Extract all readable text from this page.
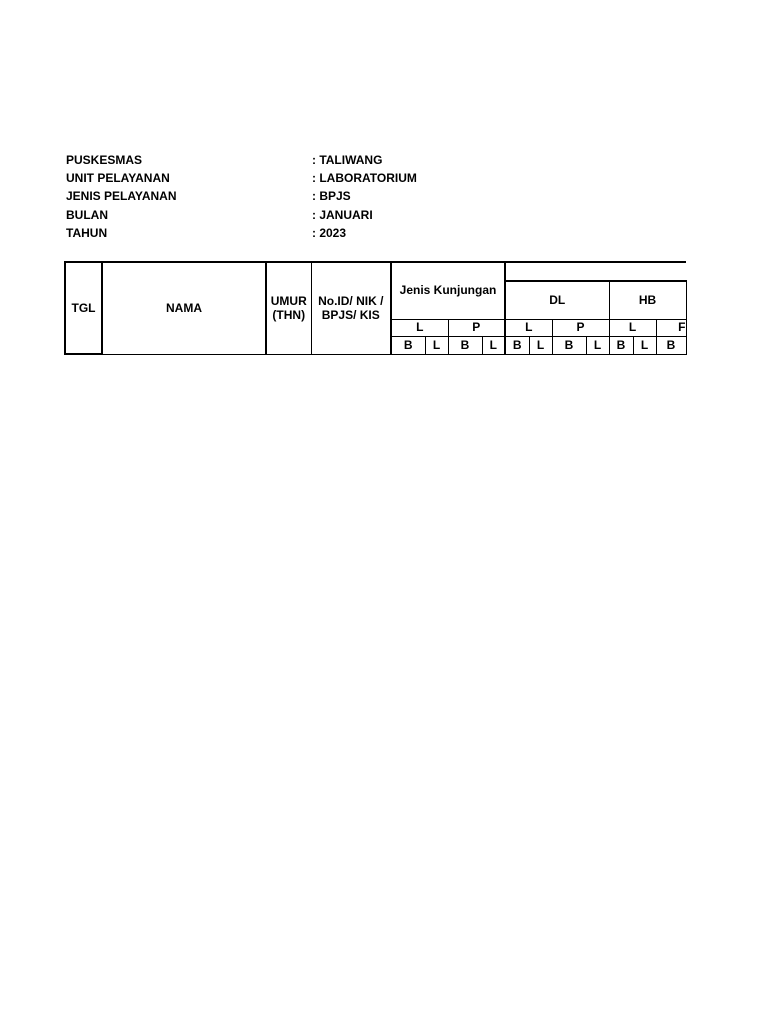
PUSKESMAS	: TALIWANG
UNIT PELAYANAN	: LABORATORIUM
JENIS PELAYANAN	: BPJS
BULAN	: JANUARI
TAHUN	: 2023
TGL	NAMA	UMUR (THN)	No.ID/ NIK / BPJS/ KIS	Jenis Kunjungan										
								DL				HB		
				L		P		L		P		L		F
				B	L	B	L	B	L	B	L	B	L	B
